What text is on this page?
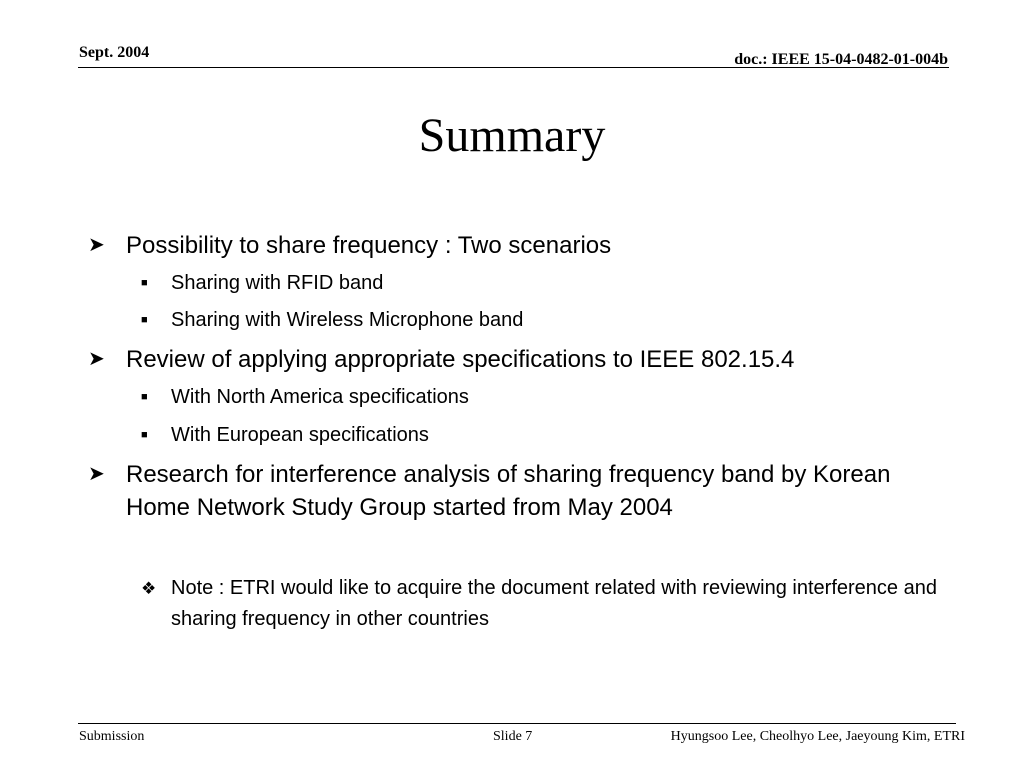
Sept. 2004	doc.: IEEE 15-04-0482-01-004b
Summary
➤ Possibility to share frequency : Two scenarios
■ Sharing with RFID band
■ Sharing with Wireless Microphone band
➤ Review of applying appropriate specifications to IEEE 802.15.4
■ With North America specifications
■ With European specifications
➤ Research for interference analysis of sharing frequency band by Korean Home Network Study Group started from May 2004
❖ Note : ETRI would like to acquire the document related with reviewing interference and sharing frequency in other countries
Submission	Slide 7	Hyungsoo Lee, Cheolhyo Lee, Jaeyoung Kim, ETRI
